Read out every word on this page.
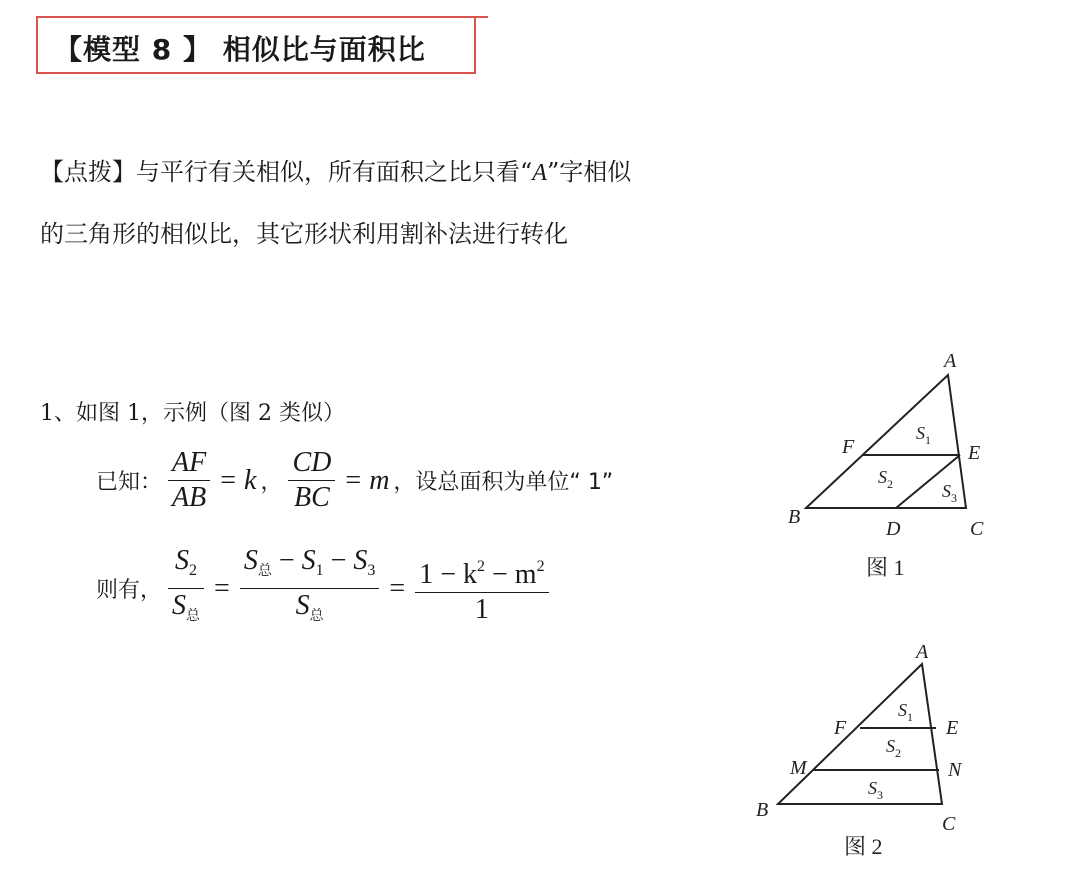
【模型 8 】 相似比与面积比
【点拨】与平行有关相似，所有面积之比只看“A”字相似
的三角形的相似比，其它形状利用割补法进行转化
1、如图 1，示例（图 2 类似）
已知： $\frac{AF}{AB} = k$ ， $\frac{CD}{BC} = m$ ，设总面积为单位“ 1”
则有， $\frac{S_2}{S_总} = \frac{S_总 - S_1 - S_3}{S_总} = \frac{1 - k^2 - m^2}{1}$
A
B
C
D
E
F
$S_1$
$S_2$	$S_3$
图 1
A
B
C
E
F
M	N
$S_1$
$S_2$
$S_3$
图 2
